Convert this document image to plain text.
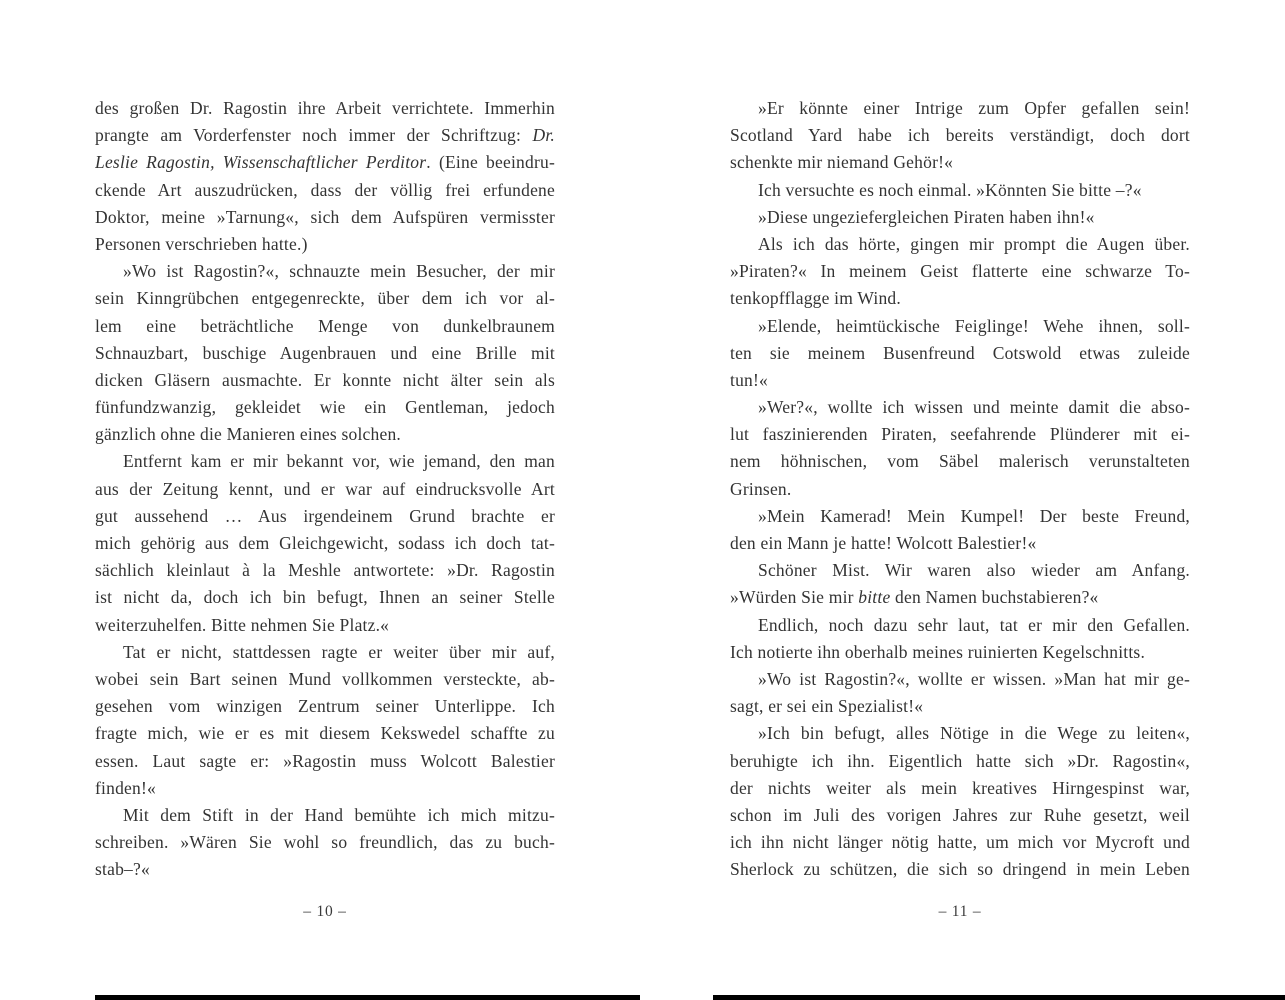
des großen Dr. Ragostin ihre Arbeit verrichtete. Immerhin
prangte am Vorderfenster noch immer der Schriftzug: Dr.
Leslie Ragostin, Wissenschaftlicher Perditor. (Eine beeindru-
ckende Art auszudrücken, dass der völlig frei erfundene
Doktor, meine »Tarnung«, sich dem Aufspüren vermisster
Personen verschrieben hatte.)
»Wo ist Ragostin?«, schnauzte mein Besucher, der mir
sein Kinngrübchen entgegenreckte, über dem ich vor al-
lem eine beträchtliche Menge von dunkelbraunem
Schnauzbart, buschige Augenbrauen und eine Brille mit
dicken Gläsern ausmachte. Er konnte nicht älter sein als
fünfundzwanzig, gekleidet wie ein Gentleman, jedoch
gänzlich ohne die Manieren eines solchen.
Entfernt kam er mir bekannt vor, wie jemand, den man
aus der Zeitung kennt, und er war auf eindrucksvolle Art
gut aussehend … Aus irgendeinem Grund brachte er
mich gehörig aus dem Gleichgewicht, sodass ich doch tat-
sächlich kleinlaut à la Meshle antwortete: »Dr. Ragostin
ist nicht da, doch ich bin befugt, Ihnen an seiner Stelle
weiterzuhelfen. Bitte nehmen Sie Platz.«
Tat er nicht, stattdessen ragte er weiter über mir auf,
wobei sein Bart seinen Mund vollkommen versteckte, ab-
gesehen vom winzigen Zentrum seiner Unterlippe. Ich
fragte mich, wie er es mit diesem Kekswedel schaffte zu
essen. Laut sagte er: »Ragostin muss Wolcott Balestier
finden!«
Mit dem Stift in der Hand bemühte ich mich mitzu-
schreiben. »Wären Sie wohl so freundlich, das zu buch-
stab–?«
»Er könnte einer Intrige zum Opfer gefallen sein!
Scotland Yard habe ich bereits verständigt, doch dort
schenkte mir niemand Gehör!«
Ich versuchte es noch einmal. »Könnten Sie bitte –?«
»Diese ungeziefergleichen Piraten haben ihn!«
Als ich das hörte, gingen mir prompt die Augen über.
»Piraten?« In meinem Geist flatterte eine schwarze To-
tenkopfflagge im Wind.
»Elende, heimtückische Feiglinge! Wehe ihnen, soll-
ten sie meinem Busenfreund Cotswold etwas zuleide
tun!«
»Wer?«, wollte ich wissen und meinte damit die abso-
lut faszinierenden Piraten, seefahrende Plünderer mit ei-
nem höhnischen, vom Säbel malerisch verunstalteten
Grinsen.
»Mein Kamerad! Mein Kumpel! Der beste Freund,
den ein Mann je hatte! Wolcott Balestier!«
Schöner Mist. Wir waren also wieder am Anfang.
»Würden Sie mir bitte den Namen buchstabieren?«
Endlich, noch dazu sehr laut, tat er mir den Gefallen.
Ich notierte ihn oberhalb meines ruinierten Kegelschnitts.
»Wo ist Ragostin?«, wollte er wissen. »Man hat mir ge-
sagt, er sei ein Spezialist!«
»Ich bin befugt, alles Nötige in die Wege zu leiten«,
beruhigte ich ihn. Eigentlich hatte sich »Dr. Ragostin«,
der nichts weiter als mein kreatives Hirngespinst war,
schon im Juli des vorigen Jahres zur Ruhe gesetzt, weil
ich ihn nicht länger nötig hatte, um mich vor Mycroft und
Sherlock zu schützen, die sich so dringend in mein Leben
– 10 –	– 11 –
